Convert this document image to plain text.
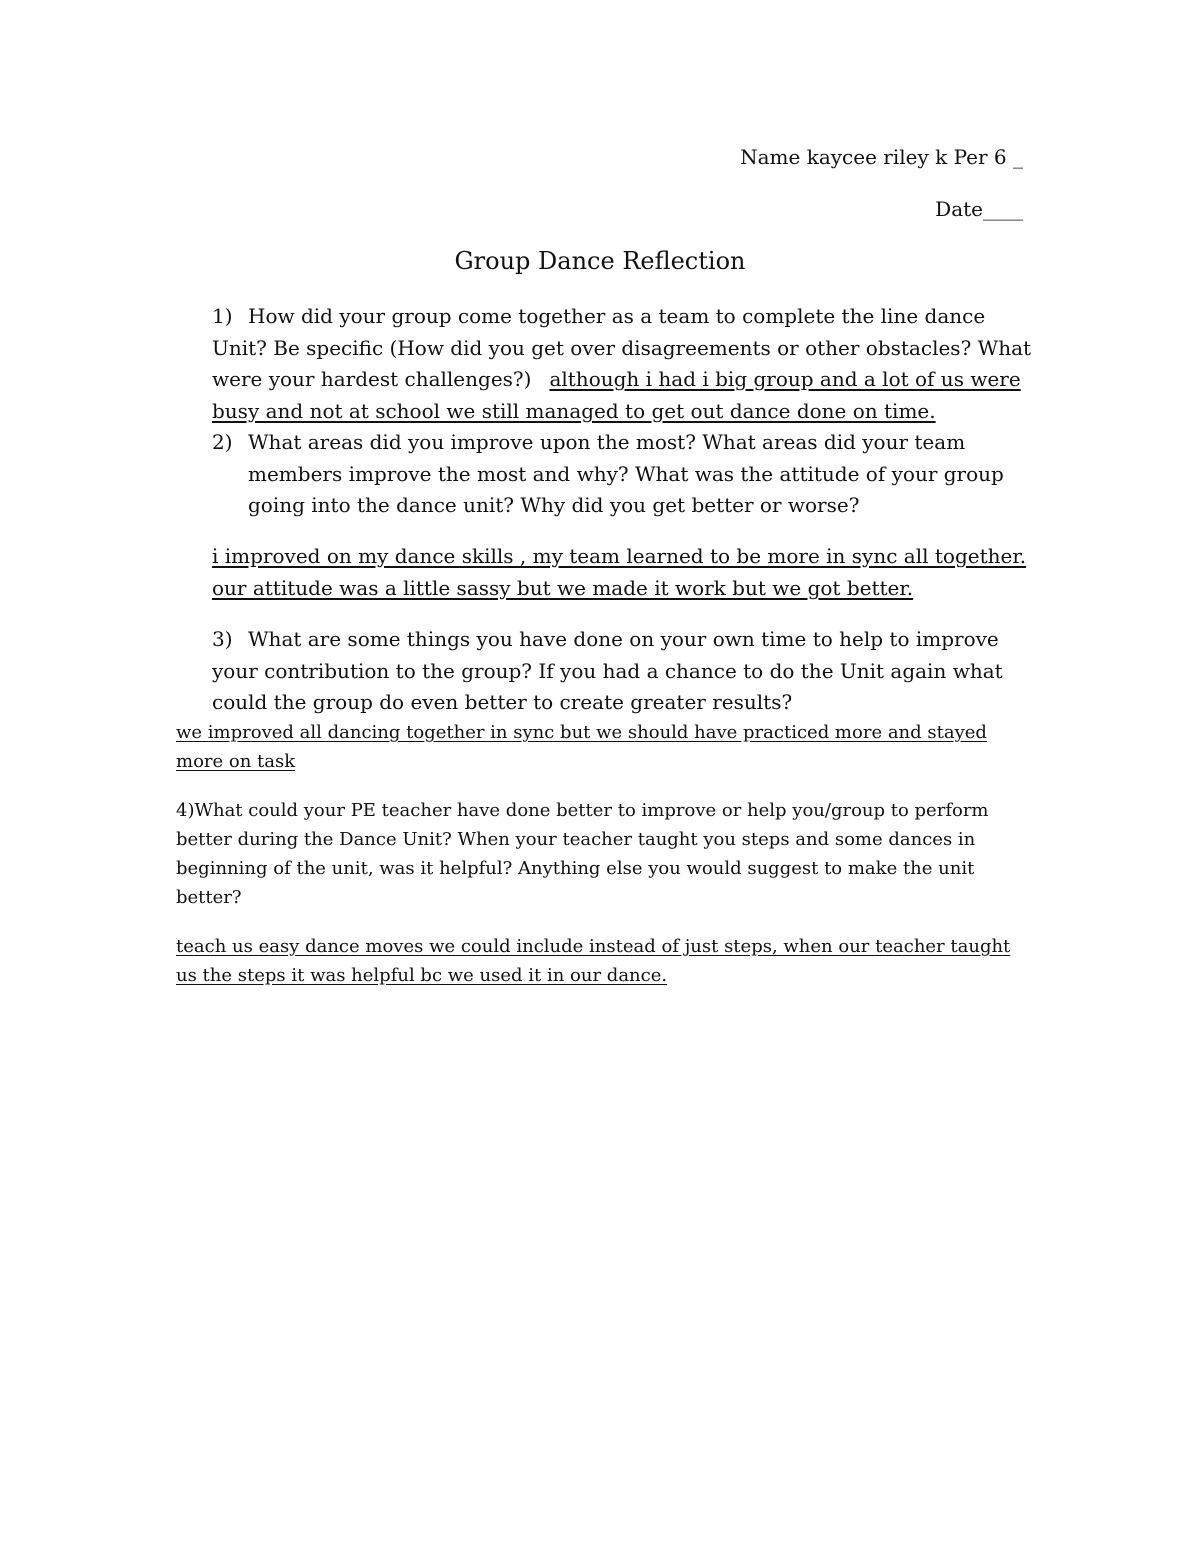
Name kaycee riley k Per 6 _
Date____
Group Dance Reflection
1) How did your group come together as a team to complete the line dance
Unit? Be specific (How did you get over disagreements or other obstacles? What
were your hardest challenges?) although i had i big group and a lot of us were
busy and not at school we still managed to get out dance done on time.
2) What areas did you improve upon the most? What areas did your team
members improve the most and why? What was the attitude of your group
going into the dance unit? Why did you get better or worse?
i improved on my dance skills , my team learned to be more in sync all together.
our attitude was a little sassy but we made it work but we got better.
3) What are some things you have done on your own time to help to improve
your contribution to the group? If you had a chance to do the Unit again what
could the group do even better to create greater results?
we improved all dancing together in sync but we should have practiced more and stayed
more on task
4)What could your PE teacher have done better to improve or help you/group to perform
better during the Dance Unit? When your teacher taught you steps and some dances in
beginning of the unit, was it helpful? Anything else you would suggest to make the unit
better?
teach us easy dance moves we could include instead of just steps, when our teacher taught
us the steps it was helpful bc we used it in our dance.
